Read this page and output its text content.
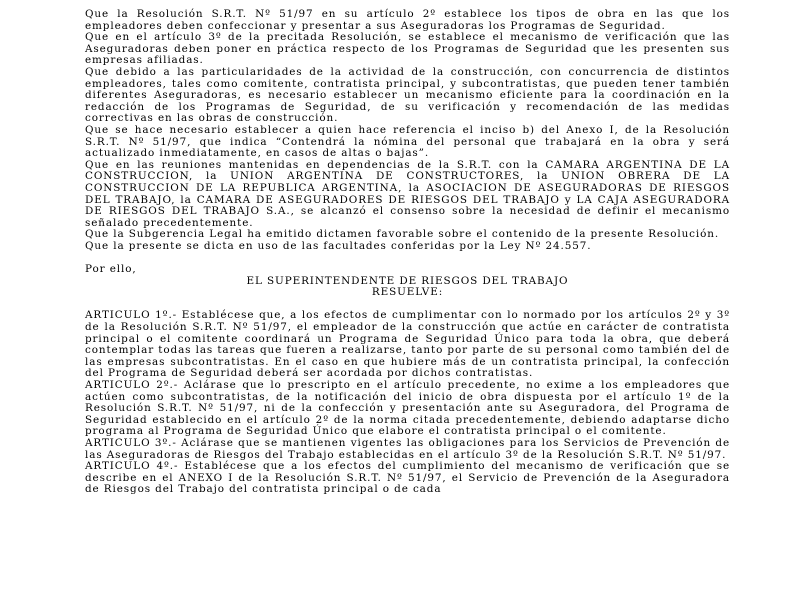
Que la Resolución S.R.T. Nº 51/97 en su artículo 2º establece los tipos de obra en las que los empleadores deben confeccionar y presentar a sus Aseguradoras los Programas de Seguridad.

Que en el artículo 3º de la precitada Resolución, se establece el mecanismo de verificación que las Aseguradoras deben poner en práctica respecto de los Programas de Seguridad que les presenten sus empresas afiliadas.

Que debido a las particularidades de la actividad de la construcción, con concurrencia de distintos empleadores, tales como comitente, contratista principal, y subcontratistas, que pueden tener también diferentes Aseguradoras, es necesario establecer un mecanismo eficiente para la coordinación en la redacción de los Programas de Seguridad, de su verificación y recomendación de las medidas correctivas en las obras de construcción.

Que se hace necesario establecer a quien hace referencia el inciso b) del Anexo I, de la Resolución S.R.T. Nº 51/97, que indica “Contendrá la nómina del personal que trabajará en la obra y será actualizado inmediatamente, en casos de altas o bajas”.

Que en las reuniones mantenidas en dependencias de la S.R.T. con la CAMARA ARGENTINA DE LA CONSTRUCCION, la UNION ARGENTINA DE CONSTRUCTORES, la UNION OBRERA DE LA CONSTRUCCION DE LA REPUBLICA ARGENTINA, la ASOCIACION DE ASEGURADORAS DE RIESGOS DEL TRABAJO, la CAMARA DE ASEGURADORES DE RIESGOS DEL TRABAJO y LA CAJA ASEGURADORA DE RIESGOS DEL TRABAJO S.A., se alcanzó el consenso sobre la necesidad de definir el mecanismo señalado precedentemente.

Que la Subgerencia Legal ha emitido dictamen favorable sobre el contenido de la presente Resolución.

Que la presente se dicta en uso de las facultades conferidas por la Ley Nº 24.557.

Por ello,

EL SUPERINTENDENTE DE RIESGOS DEL TRABAJO

RESUELVE:

ARTICULO 1º.- Establécese que, a los efectos de cumplimentar con lo normado por los artículos 2º y 3º de la Resolución S.R.T. Nº 51/97, el empleador de la construcción que actúe en carácter de contratista principal o el comitente coordinará un Programa de Seguridad Único para toda la obra, que deberá contemplar todas las tareas que fueren a realizarse, tanto por parte de su personal como también del de las empresas subcontratistas. En el caso en que hubiere más de un contratista principal, la confección del Programa de Seguridad deberá ser acordada por dichos contratistas.

ARTICULO 2º.- Aclárase que lo prescripto en el artículo precedente, no exime a los empleadores que actúen como subcontratistas, de la notificación del inicio de obra dispuesta por el artículo 1º de la Resolución S.R.T. Nº 51/97, ni de la confección y presentación ante su Aseguradora, del Programa de Seguridad establecido en el artículo 2º de la norma citada precedentemente, debiendo adaptarse dicho programa al Programa de Seguridad Único que elabore el contratista principal o el comitente.

ARTICULO 3º.- Aclárase que se mantienen vigentes las obligaciones para los Servicios de Prevención de las Aseguradoras de Riesgos del Trabajo establecidas en el artículo 3º de la Resolución S.R.T. Nº 51/97.

ARTICULO 4º.- Establécese que a los efectos del cumplimiento del mecanismo de verificación que se describe en el ANEXO I de la Resolución S.R.T. Nº 51/97, el Servicio de Prevención de la Aseguradora de Riesgos del Trabajo del contratista principal o de cada
